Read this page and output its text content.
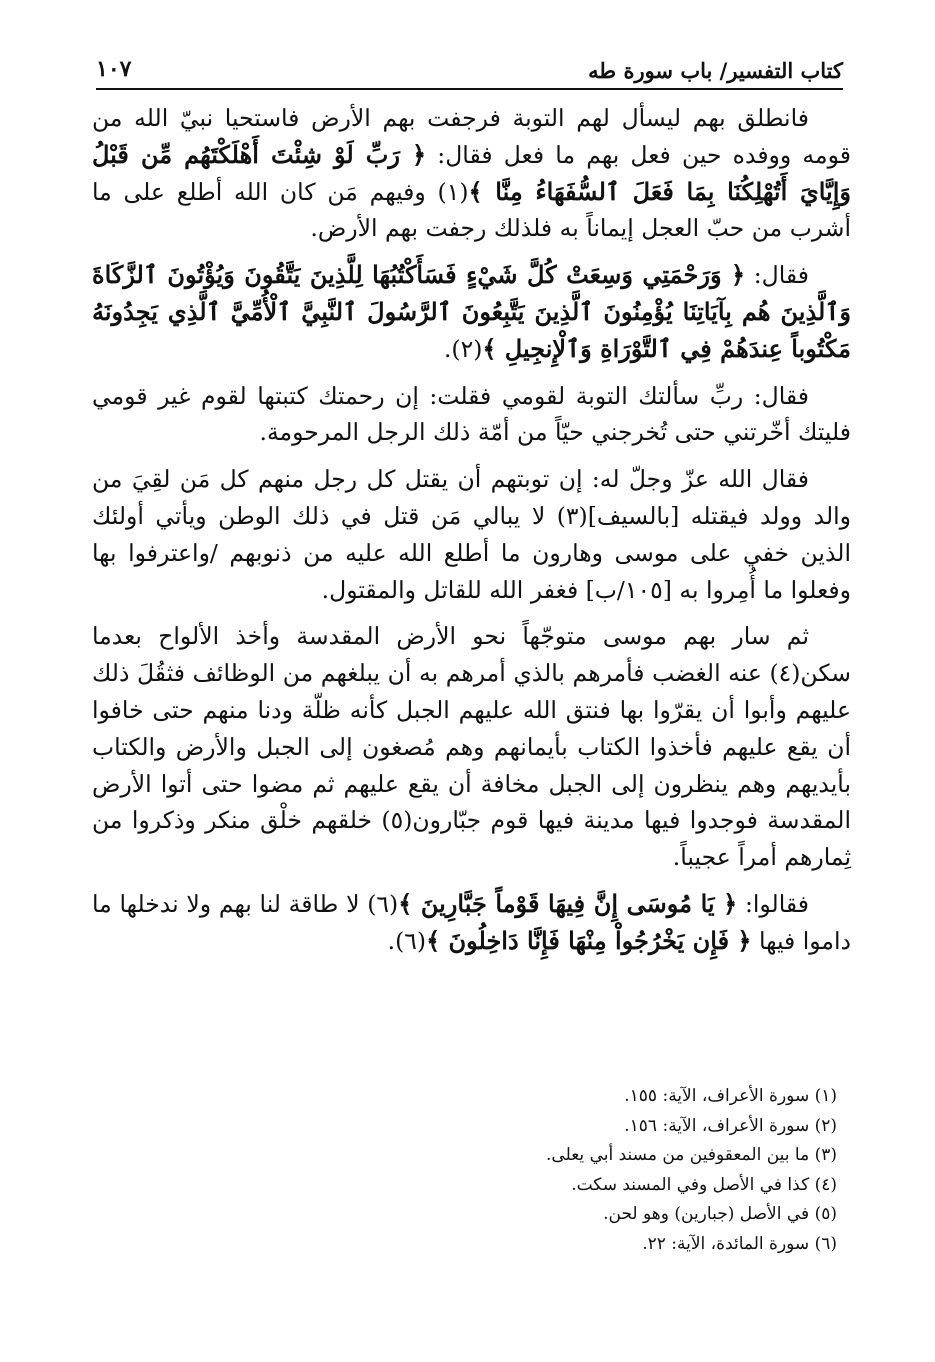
كتاب التفسير/ باب سورة طه
١٠٧

فانطلق بهم ليسأل لهم التوبة فرجفت بهم الأرض فاستحيا نبيّ الله من قومه ووفده حين فعل بهم ما فعل فقال: ﴿ رَبِّ لَوْ شِئْتَ أَهْلَكْتَهُم مِّن قَبْلُ وَإِيَّايَ أَتُهْلِكُنَا بِمَا فَعَلَ ٱلسُّفَهَاءُ مِنَّا ﴾(١) وفيهم مَن كان الله أطلع على ما أشرب من حبّ العجل إيماناً به فلذلك رجفت بهم الأرض.

فقال: ﴿ وَرَحْمَتِي وَسِعَتْ كُلَّ شَيْءٍ فَسَأَكْتُبُهَا لِلَّذِينَ يَتَّقُونَ وَيُؤْتُونَ ٱلزَّكَاةَ وَٱلَّذِينَ هُم بِآيَاتِنَا يُؤْمِنُونَ ٱلَّذِينَ يَتَّبِعُونَ ٱلرَّسُولَ ٱلنَّبِيَّ ٱلْأُمِّيَّ ٱلَّذِي يَجِدُونَهُ مَكْتُوباً عِندَهُمْ فِي ٱلتَّوْرَاةِ وَٱلْإِنجِيلِ ﴾(٢).

فقال: ربِّ سألتك التوبة لقومي فقلت: إن رحمتك كتبتها لقوم غير قومي فليتك أخّرتني حتى تُخرجني حيّاً من أمّة ذلك الرجل المرحومة.

فقال الله عزّ وجلّ له: إن توبتهم أن يقتل كل رجل منهم كل مَن لقِيَ من والد وولد فيقتله [بالسيف](٣) لا يبالي مَن قتل في ذلك الوطن ويأتي أولئك الذين خفي على موسى وهارون ما أطلع الله عليه من ذنوبهم /واعترفوا بها وفعلوا ما أُمِروا به [١٠٥/ب] فغفر الله للقاتل والمقتول.

ثم سار بهم موسى متوجّهاً نحو الأرض المقدسة وأخذ الألواح بعدما سكن(٤) عنه الغضب فأمرهم بالذي أمرهم به أن يبلغهم من الوظائف فثقُلَ ذلك عليهم وأبوا أن يقرّوا بها فنتق الله عليهم الجبل كأنه ظلّة ودنا منهم حتى خافوا أن يقع عليهم فأخذوا الكتاب بأيمانهم وهم مُصغون إلى الجبل والأرض والكتاب بأيديهم وهم ينظرون إلى الجبل مخافة أن يقع عليهم ثم مضوا حتى أتوا الأرض المقدسة فوجدوا فيها مدينة فيها قوم جبّارون(٥) خلقهم خلْق منكر وذكروا من ثِمارهم أمراً عجيباً.

فقالوا: ﴿ يَا مُوسَى إِنَّ فِيهَا قَوْماً جَبَّارِينَ ﴾(٦) لا طاقة لنا بهم ولا ندخلها ما داموا فيها ﴿ فَإِن يَخْرُجُواْ مِنْهَا فَإِنَّا دَاخِلُونَ ﴾(٦).

(١) سورة الأعراف، الآية: ١٥٥.

(٢) سورة الأعراف، الآية: ١٥٦.

(٣) ما بين المعقوفين من مسند أبي يعلى.

(٤) كذا في الأصل وفي المسند سكت.

(٥) في الأصل (جبارين) وهو لحن.

(٦) سورة المائدة، الآية: ٢٢.
